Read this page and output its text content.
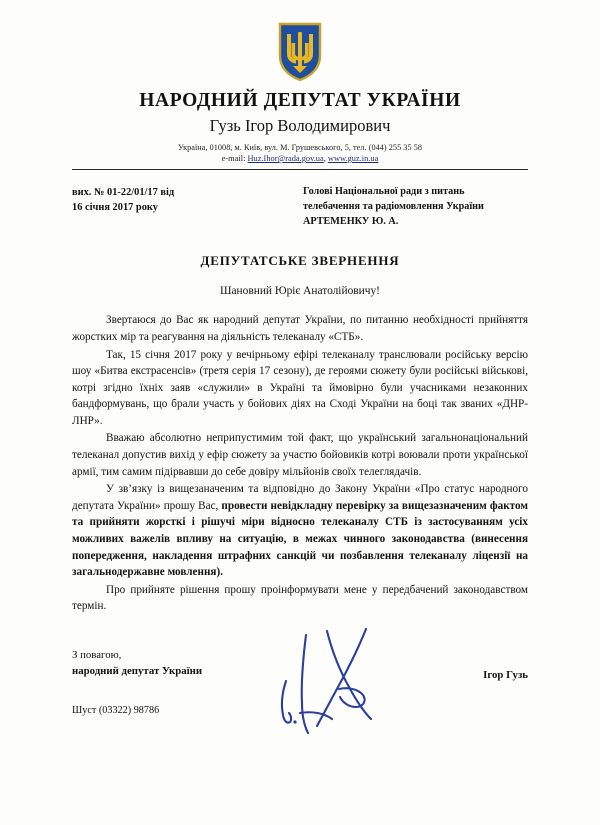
НАРОДНИЙ ДЕПУТАТ УКРАЇНИ
Гузь Ігор Володимирович
Україна, 01008, м. Київ, вул. М. Грушевського, 5, тел. (044) 255 35 58
e-mail: Huz.Ihor@rada.gov.ua, www.guz.in.ua
вих. № 01-22/01/17 від
16 січня 2017 року
Голові Національної ради з питань
телебачення та радіомовлення України
АРТЕМЕНКУ Ю. А.
ДЕПУТАТСЬКЕ ЗВЕРНЕННЯ
Шановний Юріє Анатолійовичу!

Звертаюся до Вас як народний депутат України, по питанню необхідності прийняття жорстких мір та реагування на діяльність телеканалу «СТБ».

Так, 15 січня 2017 року у вечірньому ефірі телеканалу транслювали російську версію шоу «Битва екстрасенсів» (третя серія 17 сезону), де героями сюжету були російські військові, котрі згідно їхніх заяв «служили» в Україні та ймовірно були учасниками незаконних бандформувань, що брали участь у бойових діях на Сході України на боці так званих «ДНР-ЛНР».

Вважаю абсолютно неприпустимим той факт, що український загальнонаціональний телеканал допустив вихід у ефір сюжету за участю бойовиків котрі воювали проти української армії, тим самим підірвавши до себе довіру мільйонів своїх телеглядачів.

У зв’язку із вищезаначеним та відповідно до Закону України «Про статус народного депутата України» прошу Вас, провести невідкладну перевірку за вищезазначеним фактом та прийняти жорсткі і рішучі міри відносно телеканалу СТБ із застосуванням усіх можливих важелів впливу на ситуацію, в межах чинного законодавства (винесення попередження, накладення штрафних санкцій чи позбавлення телеканалу ліцензії на загальнодержавне мовлення).

Про прийняте рішення прошу проінформувати мене у передбачений законодавством термін.

З повагою,
народний депутат України	Ігор Гузь
Шуст (03322) 98786
